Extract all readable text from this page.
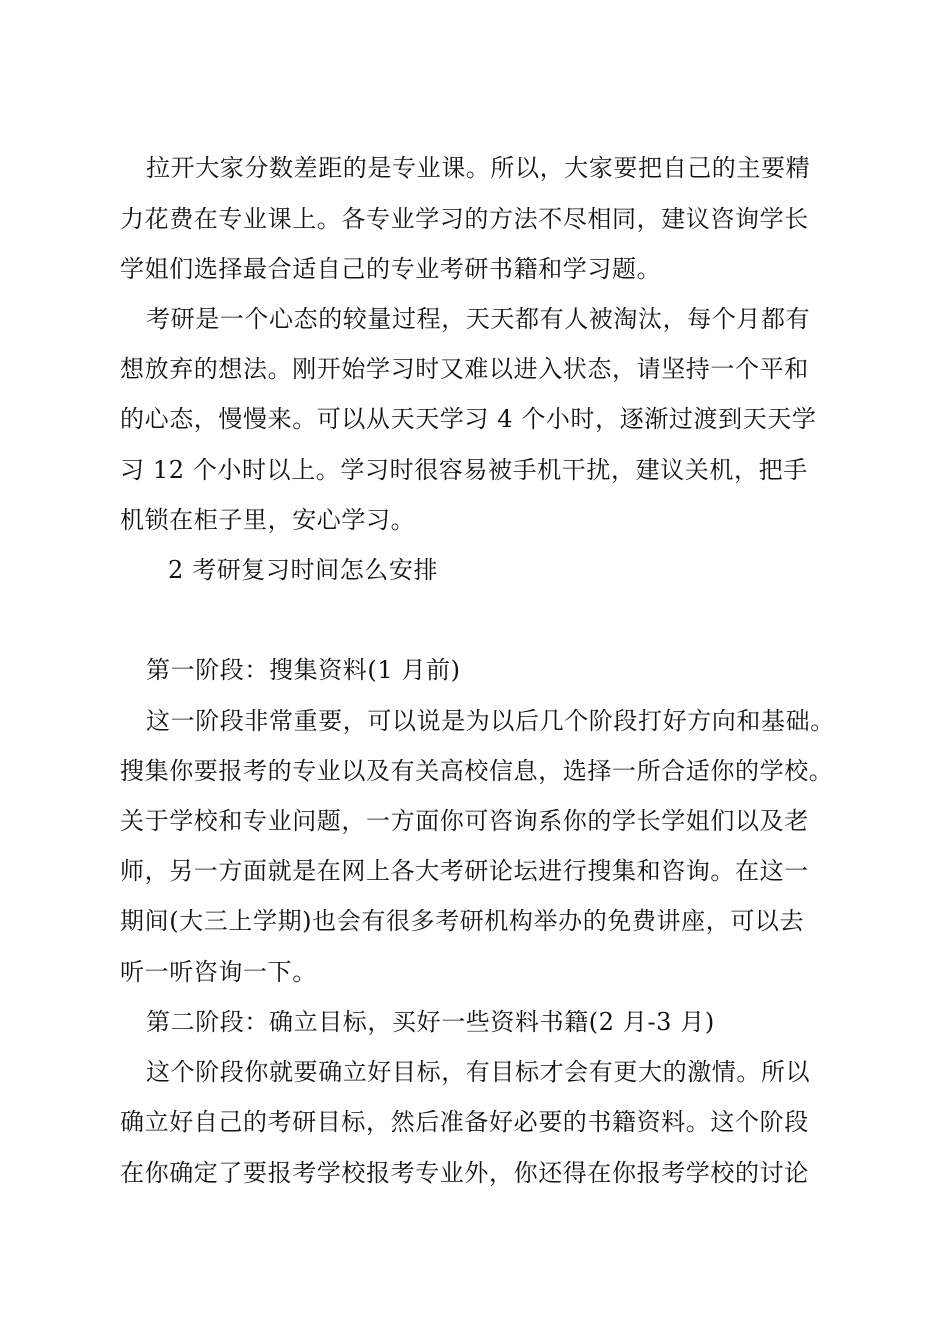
拉开大家分数差距的是专业课。所以，大家要把自己的主要精
力花费在专业课上。各专业学习的方法不尽相同，建议咨询学长
学姐们选择最合适自己的专业考研书籍和学习题。
考研是一个心态的较量过程，天天都有人被淘汰，每个月都有
想放弃的想法。刚开始学习时又难以进入状态，请坚持一个平和
的心态，慢慢来。可以从天天学习 4 个小时，逐渐过渡到天天学
习 12 个小时以上。学习时很容易被手机干扰，建议关机，把手
机锁在柜子里，安心学习。
2 考研复习时间怎么安排
第一阶段：搜集资料(1 月前)
这一阶段非常重要，可以说是为以后几个阶段打好方向和基础。
搜集你要报考的专业以及有关高校信息，选择一所合适你的学校。
关于学校和专业问题，一方面你可咨询系你的学长学姐们以及老
师，另一方面就是在网上各大考研论坛进行搜集和咨询。在这一
期间(大三上学期)也会有很多考研机构举办的免费讲座，可以去
听一听咨询一下。
第二阶段：确立目标，买好一些资料书籍(2 月-3 月)
这个阶段你就要确立好目标，有目标才会有更大的激情。所以
确立好自己的考研目标，然后准备好必要的书籍资料。这个阶段
在你确定了要报考学校报考专业外，你还得在你报考学校的讨论
